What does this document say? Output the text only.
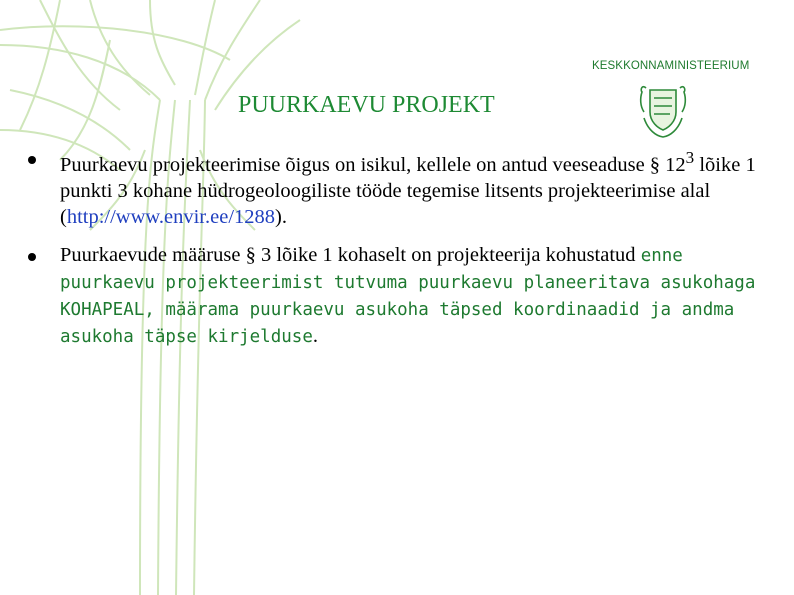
KESKKONNAMINISTEERIUM
PUURKAEVU PROJEKT

Puurkaevu projekteerimise õigus on isikul, kellele on antud veeseaduse § $12^3$ lõike 1 punkti 3 kohane hüdrogeoloogiliste tööde tegemise litsents projekteerimise alal (http://www.envir.ee/1288).

Puurkaevude määruse § 3 lõike 1 kohaselt on projekteerija kohustatud enne puurkaevu projekteerimist tutvuma puurkaevu planeeritava asukohaga KOHAPEAL, määrama puurkaevu asukoha täpsed koordinaadid ja andma asukoha täpse kirjelduse.
